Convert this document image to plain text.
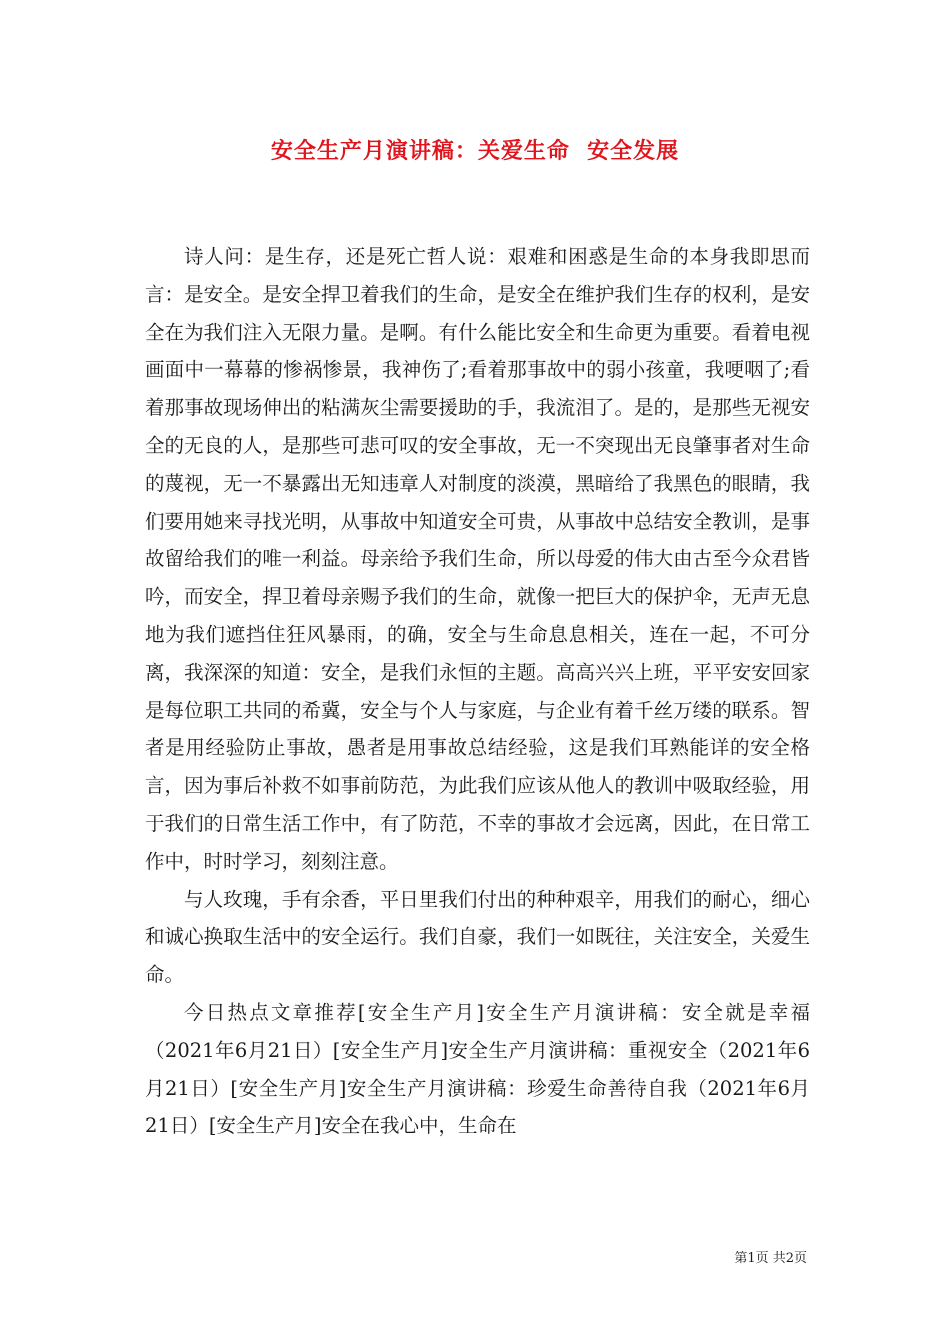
安全生产月演讲稿：关爱生命  安全发展

诗人问：是生存，还是死亡哲人说：艰难和困惑是生命的本身我即思而言：是安全。是安全捍卫着我们的生命，是安全在维护我们生存的权利，是安全在为我们注入无限力量。是啊。有什么能比安全和生命更为重要。看着电视画面中一幕幕的惨祸惨景，我神伤了;看着那事故中的弱小孩童，我哽咽了;看着那事故现场伸出的粘满灰尘需要援助的手，我流泪了。是的，是那些无视安全的无良的人，是那些可悲可叹的安全事故，无一不突现出无良肇事者对生命的蔑视，无一不暴露出无知违章人对制度的淡漠，黑暗给了我黑色的眼睛，我们要用她来寻找光明，从事故中知道安全可贵，从事故中总结安全教训，是事故留给我们的唯一利益。母亲给予我们生命，所以母爱的伟大由古至今众君皆吟，而安全，捍卫着母亲赐予我们的生命，就像一把巨大的保护伞，无声无息地为我们遮挡住狂风暴雨，的确，安全与生命息息相关，连在一起，不可分离，我深深的知道：安全，是我们永恒的主题。高高兴兴上班，平平安安回家是每位职工共同的希冀，安全与个人与家庭，与企业有着千丝万缕的联系。智者是用经验防止事故，愚者是用事故总结经验，这是我们耳熟能详的安全格言，因为事后补救不如事前防范，为此我们应该从他人的教训中吸取经验，用于我们的日常生活工作中，有了防范，不幸的事故才会远离，因此，在日常工作中，时时学习，刻刻注意。

与人玫瑰，手有余香，平日里我们付出的种种艰辛，用我们的耐心，细心和诚心换取生活中的安全运行。我们自豪，我们一如既往，关注安全，关爱生命。

今日热点文章推荐[安全生产月]安全生产月演讲稿：安全就是幸福（2021年6月21日）[安全生产月]安全生产月演讲稿：重视安全（2021年6月21日）[安全生产月]安全生产月演讲稿：珍爱生命善待自我（2021年6月21日）[安全生产月]安全在我心中，生命在

第1页 共2页
